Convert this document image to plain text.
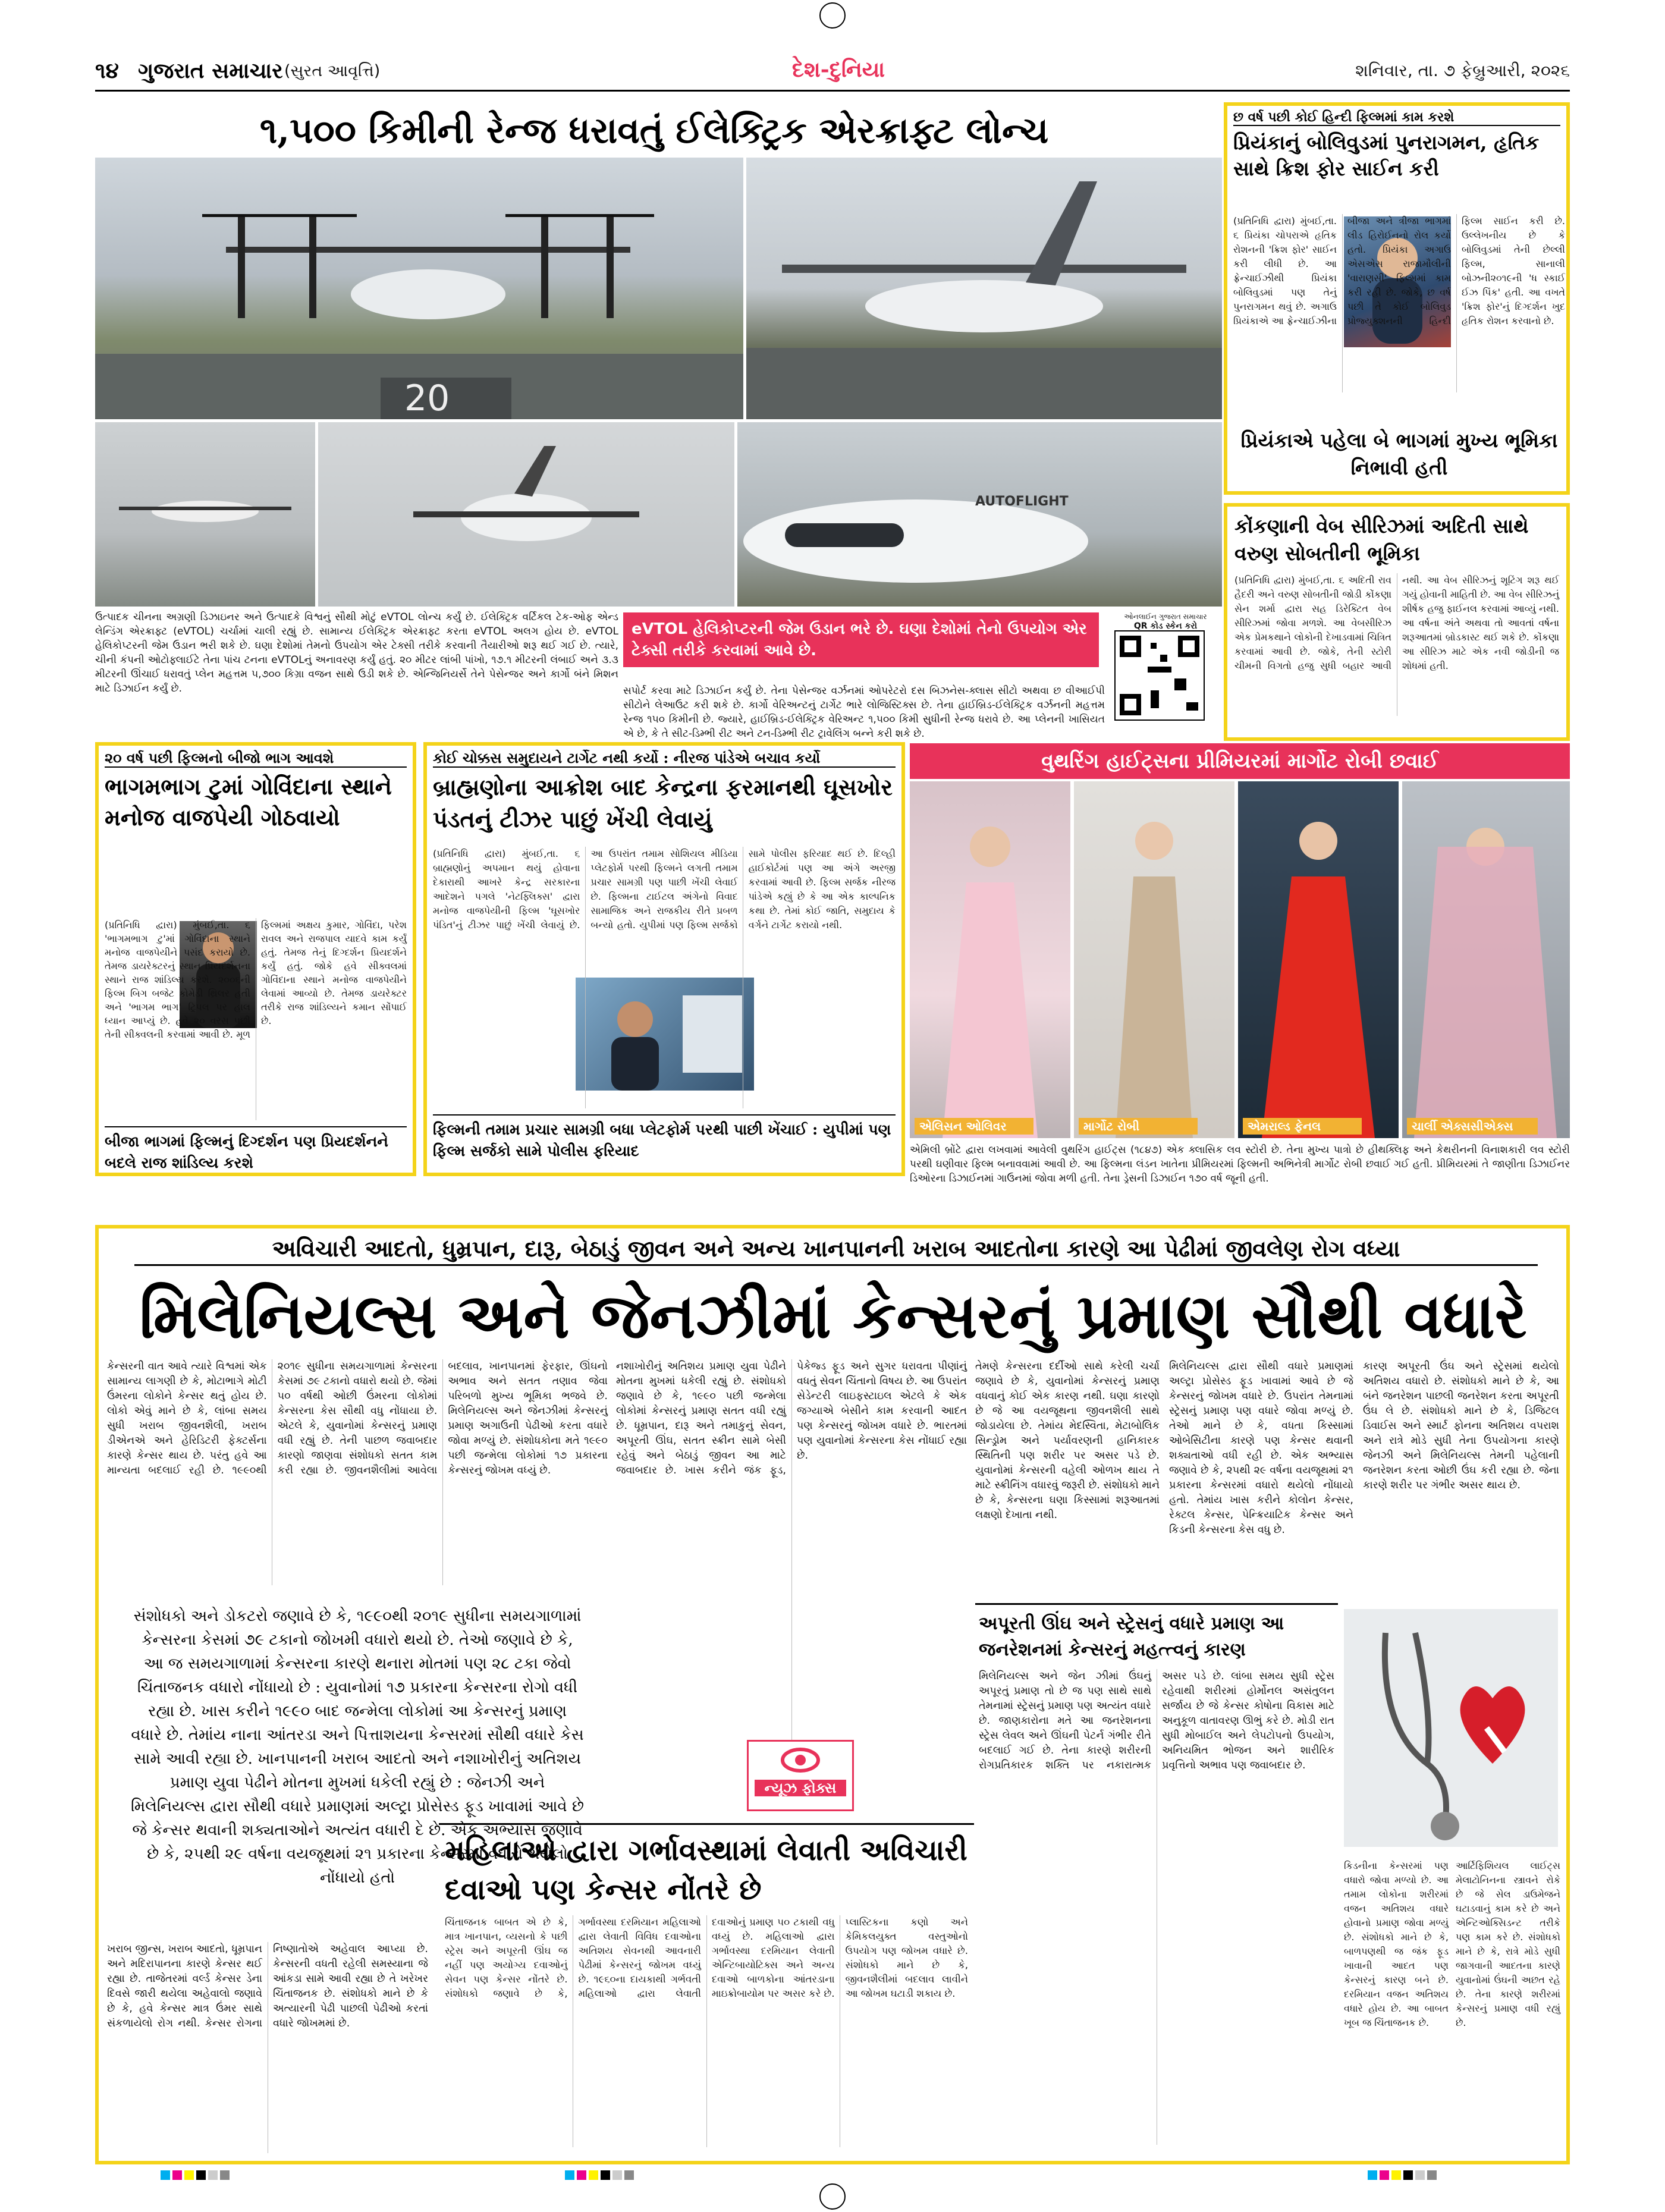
૧૪ ગુજરાત સમાચાર (સુરત આવૃત્તિ)	દેશ-દુનિયા	શનિવાર, તા. ૭ ફેબ્રુઆરી, ૨૦૨૬
૧,૫૦૦ કિમીની રેન્જ ધરાવતું ઈલેક્ટ્રિક એરક્રાફ્ટ લોન્ચ
20
AUTOFLIGHT
ઉત્પાદક ચીનના અગ્રણી ડિઝાઇનર અને ઉત્પાદકે વિશ્વનું સૌથી મોટું eVTOL લોન્ચ કર્યું છે. ઈલેક્ટ્રિક વર્ટિકલ ટેક-ઓફ એન્ડ લેન્ડિંગ એરક્રાફ્ટ (eVTOL) ચર્ચામાં ચાલી રહ્યું છે. સામાન્ય ઈલેક્ટ્રિક એરક્રાફ્ટ કરતા eVTOL અલગ હોય છે. eVTOL હેલિકોપ્ટરની જેમ ઉડાન ભરી શકે છે. ઘણા દેશોમાં તેમનો ઉપયોગ એર ટેક્સી તરીકે કરવાની તૈયારીઓ શરૂ થઈ ગઈ છે. ત્યારે, ચીની કંપની ઓટોફ્લાઈટે તેના પાંચ ટનના eVTOLનું અનાવરણ કર્યું હતું. ૨૦ મીટર લાંબી પાંખો, ૧૭.૧ મીટરની લંબાઈ અને ૩.૩ મીટરની ઊંચાઈ ધરાવતું પ્લેન મહત્તમ ૫,૭૦૦ કિગ્રા વજન સાથે ઉડી શકે છે. એન્જિનિયર્સે તેને પેસેન્જર અને કાર્ગો બંને મિશન માટે ડિઝાઈન કર્યું છે.
eVTOL હેલિકોપ્ટરની જેમ ઉડાન ભરે છે. ઘણા દેશોમાં તેનો ઉપયોગ એર ટેક્સી તરીકે કરવામાં આવે છે.
સપોર્ટ કરવા માટે ડિઝાઈન કર્યું છે. તેના પેસેન્જર વર્ઝનમાં ઓપરેટરો દસ બિઝનેસ-ક્લાસ સીટો અથવા છ વીઆઈપી સીટોને લેઆઉટ કરી શકે છે. કાર્ગો વેરિઅન્ટનું ટાર્ગેટ ભારે લોજિસ્ટિક્સ છે. તેના હાઈબ્રિડ-ઈલેક્ટ્રિક વર્ઝનની મહત્તમ રેન્જ ૧૫૦ કિમીની છે. જ્યારે, હાઈબ્રિડ-ઈલેક્ટ્રિક વેરિઅન્ટ ૧,૫૦૦ કિમી સુધીની રેન્જ ધરાવે છે. આ પ્લેનની ખાસિયત એ છે, કે તે સીટ-ડિમ્ભી રીટ અને ટન-ડિમ્ભી રીટ ટ્રાવેલિંગ બન્ને કરી શકે છે.
ઓનલાઈન ગુજરાત સમાચાર
QR કોડ સ્કેન કરો
છ વર્ષ પછી કોઈ હિન્દી ફિલ્મમાં કામ કરશે
પ્રિયંકાનું બોલિવુડમાં પુનરાગમન, હૃતિક સાથે ક્રિશ ફોર સાઈન કરી
(પ્રતિનિધિ દ્વારા) મુંબઈ,તા. ૬ પ્રિયંકા ચોપરાએ હૃતિક રોશનની 'ક્રિશ ફોર' સાઈન કરી લીધી છે. આ ફ્રેન્ચાઈઝીથી પ્રિયંકા બોલિવુડમાં પણ તેનું પુનરાગમન થવું છે. અગાઉ પ્રિયંકાએ આ ફ્રેન્ચાઈઝીના બીજા અને ત્રીજા ભાગમાં લીડ હિરોઈનનો રોલ કર્યો હતો. પ્રિયંકા અગાઉ એસએસ રાજામૌલીની 'વારાણસી' ફિલ્મમાં કામ કરી રહી છે. જોકે, છ વર્ષ પછી તે કોઈ બોલિવુડ પ્રોજ્યુક્શનની હિન્દી ફિલ્મ સાઈન કરી છે. ઉલ્લેખનીય છે કે બોલિવુડમાં તેની છેલ્લી ફિલ્મ, સાનાલી બોઝની૨૦૧૯ની 'ધ સ્કાઈ ઈઝ પિંક' હતી. આ વખતે 'ક્રિશ ફોર'નું દિગ્દર્શન ખુદ હૃતિક રોશન કરવાનો છે.
પ્રિયંકાએ પહેલા બે ભાગમાં મુખ્ય ભૂમિકા નિભાવી હતી
કોંકણાની વેબ સીરિઝમાં અદિતી સાથે વરુણ સોબતીની ભૂમિકા
(પ્રતિનિધિ દ્વારા) મુંબઈ,તા. ૬ અદિતી રાવ હૈદરી અને વરુણ સોબતીની જોડી કોંકણા સેન શર્મા દ્વારા સહ ડિરેક્ટિત વેબ સીરિઝમાં જોવા મળશે. આ વેબસીરિઝ એક પ્રેમકથાને લોકોની દેખાડવામાં ચિત્રિત કરવામાં આવી છે. જોકે, તેની સ્ટોરી ચીમની વિગતો હજુ સુધી બહાર આવી નથી. આ વેબ સીરિઝનું શૂટિંગ શરૂ થઈ ગયું હોવાની માહિતી છે. આ વેબ સીરિઝનું શીર્ષક હજુ ફાઈનલ કરવામાં આવ્યું નથી. આ વર્ષના અંતે અથવા તો આવતાં વર્ષના શરૂઆતમાં બ્રોડકાસ્ટ થઈ શકે છે. કોંકણા આ સીરિઝ માટે એક નવી જોડીની જ શોધમાં હતી.
૨૦ વર્ષ પછી ફિલ્મનો બીજો ભાગ આવશે
ભાગમભાગ ટુમાં ગોવિંદાના સ્થાને મનોજ વાજપેયી ગોઠવાયો
(પ્રતિનિધિ દ્વારા) મુંબઈ,તા. ૬ 'ભાગમભાગ ટુ'માં ગોવિંદાના સ્થાને મનોજ વાજપેયીને પસંદ કરાયો છે. તેમજ ડાયરેક્ટરનું સ્થાન પ્રિયદર્શનના સ્થાને રાજ શાંડિલ્ય કરશે. ૨૦૦૬ની ફિલ્મ બિગ બજેટ કોમેડી થ્રિલર હતી અને 'ભાગમ ભાગ' ટ્રિપલ પર હાલ ધ્યાન આપ્યું છે. હવે ૨૦ વરસ પછી તેની સીક્વલની કરવામાં આવી છે. મૂળ ફિલ્મમાં અક્ષય કુમાર, ગોવિંદા, પરેશ રાવલ અને રાજપાલ યાદવે કામ કર્યું હતું. તેમજ તેનું દિગ્દર્શન પ્રિયદર્શને કર્યું હતું. જોકે હવે સીક્વલમાં ગોવિંદાના સ્થાને મનોજ વાજપેયીને લેવામાં આવ્યો છે. તેમજ ડાયરેક્ટર તરીકે રાજ શાંડિલ્યને કમાન સોંપાઈ છે.
બીજા ભાગમાં ફિલ્મનું દિગ્દર્શન પણ પ્રિયદર્શનને બદલે રાજ શાંડિલ્ય કરશે
કોઈ ચોક્કસ સમુદાયને ટાર્ગેટ નથી કર્યો : નીરજ પાંડેએ બચાવ કર્યો
બ્રાહ્મણોના આક્રોશ બાદ કેન્દ્રના ફરમાનથી ઘૂસખોર પંડતનું ટીઝર પાછું ખેંચી લેવાયું
(પ્રતિનિધિ દ્વારા) મુંબઈ,તા. ૬ બ્રાહ્મણોનું અપમાન થયું હોવાના દેકારાથી આખરે કેન્દ્ર સરકારના આદેશને પગલે 'નેટફ્લિક્સ' દ્વારા મનોજ વાજપેયીની ફિલ્મ 'ઘૂસખોર પંડિત'નું ટીઝર પાછું ખેંચી લેવાયું છે. આ ઉપરાંત તમામ સોશિયલ મીડિયા પ્લેટફોર્મ પરથી ફિલ્મને લગતી તમામ પ્રચાર સામગ્રી પણ પાછી ખેંચી લેવાઈ છે. ફિલ્મના ટાઈટલ અંગેનો વિવાદ સામાજિક અને રાજકીય રીતે પ્રબળ બન્યો હતો. યુપીમાં પણ ફિલ્મ સર્જકો સામે પોલીસ ફરિયાદ થઈ છે. દિલ્હી હાઈકોર્ટમાં પણ આ અંગે અરજી કરવામાં આવી છે. ફિલ્મ સર્જક નીરજ પાંડેએ કહ્યું છે કે આ એક કાલ્પનિક કથા છે. તેમાં કોઈ જાતિ, સમુદાય કે વર્ગને ટાર્ગેટ કરાયો નથી.
ફિલ્મની તમામ પ્રચાર સામગ્રી બધા પ્લેટફોર્મ પરથી પાછી ખેંચાઈ : યુપીમાં પણ ફિલ્મ સર્જકો સામે પોલીસ ફરિયાદ
વુથરિંગ હાઈટ્સના પ્રીમિયરમાં માર્ગોટ રોબી છવાઈ
એલિસન ઓલિવર	માર્ગોટ રોબી	એમરાલ્ડ ફેનલ	ચાર્લી એક્સસીએક્સ
એમિલી બ્રોંટે દ્વારા લખવામાં આવેલી વુથરિંગ હાઈટ્સ (૧૮૪૭) એક ક્લાસિક લવ સ્ટોરી છે. તેના મુખ્ય પાત્રો છે હીથક્લિફ અને કેથરીનની વિનાશકારી લવ સ્ટોરી પરથી ઘણીવાર ફિલ્મ બનાવવામાં આવી છે. આ ફિલ્મના લંડન ખાતેના પ્રીમિયરમાં ફિલ્મની અભિનેત્રી માર્ગોટ રોબી છવાઈ ગઈ હતી. પ્રીમિયરમાં તે જાણીતા ડિઝાઈનર ડિઓરના ડિઝાઈનમાં ગાઉનમાં જોવા મળી હતી. તેના ડ્રેસની ડિઝાઈન ૧૭૦ વર્ષ જૂની હતી.
અવિચારી આદતો, ધુમ્રપાન, દારૂ, બેઠાડું જીવન અને અન્ય ખાનપાનની ખરાબ આદતોના કારણે આ પેઢીમાં જીવલેણ રોગ વધ્યા
મિલેનિયલ્સ અને જેનઝીમાં કેન્સરનું પ્રમાણ સૌથી વધારે
કેન્સરની વાત આવે ત્યારે વિશ્વમાં એક સામાન્ય લાગણી છે કે, મોટાભાગે મોટી ઉંમરના લોકોને કેન્સર થતું હોય છે. લોકો એવું માને છે કે, લાંબા સમય સુધી ખરાબ જીવનશૈલી, ખરાબ ડીએનએ અને હેરિડિટરી ફેક્ટર્સના કારણે કેન્સર થાય છે. પરંતુ હવે આ માન્યતા બદલાઈ રહી છે. ૧૯૯૦થી ૨૦૧૯ સુધીના સમયગાળામાં કેન્સરના કેસમાં ૭૯ ટકાનો વધારો થયો છે. જેમાં ૫૦ વર્ષથી ઓછી ઉંમરના લોકોમાં કેન્સરના કેસ સૌથી વધુ નોંધાયા છે. એટલે કે, યુવાનોમાં કેન્સરનું પ્રમાણ વધી રહ્યું છે. તેની પાછળ જવાબદાર કારણો જાણવા સંશોધકો સતત કામ કરી રહ્યા છે. જીવનશૈલીમાં આવેલા બદલાવ, ખાનપાનમાં ફેરફાર, ઊંઘનો અભાવ અને સતત તણાવ જેવા પરિબળો મુખ્ય ભૂમિકા ભજવે છે. મિલેનિયલ્સ અને જેનઝીમાં કેન્સરનું પ્રમાણ અગાઉની પેઢીઓ કરતા વધારે જોવા મળ્યું છે. સંશોધકોના મતે ૧૯૯૦ પછી જન્મેલા લોકોમાં ૧૭ પ્રકારના કેન્સરનું જોખમ વધ્યું છે.
સંશોધકો અને ડોકટરો જણાવે છે કે, ૧૯૯૦થી ૨૦૧૯ સુધીના સમયગાળામાં કેન્સરના કેસમાં ૭૯ ટકાનો જોખમી વધારો થયો છે. તેઓ જણાવે છે કે, આ જ સમયગાળામાં કેન્સરના કારણે થનારા મોતમાં પણ ૨૮ ટકા જેવો ચિંતાજનક વધારો નોંધાયો છે : યુવાનોમાં ૧૭ પ્રકારના કેન્સરના રોગો વધી રહ્યા છે. ખાસ કરીને ૧૯૯૦ બાદ જન્મેલા લોકોમાં આ કેન્સરનું પ્રમાણ વધારે છે. તેમાંય નાના આંતરડા અને પિત્તાશયના કેન્સરમાં સૌથી વધારે કેસ સામે આવી રહ્યા છે. ખાનપાનની ખરાબ આદતો અને નશાખોરીનું અતિશય પ્રમાણ યુવા પેઢીને મોતના મુખમાં ધકેલી રહ્યું છે : જેનઝી અને મિલેનિયલ્સ દ્વારા સૌથી વધારે પ્રમાણમાં અલ્ટ્રા પ્રોસેસ્ડ ફૂડ ખાવામાં આવે છે જે કેન્સર થવાની શક્યતાઓને અત્યંત વધારી દે છે. એક અભ્યાસ જણાવે છે કે, ૨૫થી ૨૯ વર્ષના વયજૂથમાં ૨૧ પ્રકારના કેન્સરમાં વધારો થયેલો નોંધાયો હતો
ખરાબ જીન્સ, ખરાબ આદતો, ધૂમ્રપાન અને મદિરાપાનના કારણે કેન્સર થઈ રહ્યા છે. તાજેતરમાં વર્લ્ડ કેન્સર ડેના દિવસે જારી થયેલા અહેવાલો જણાવે છે કે, હવે કેન્સર માત્ર ઉંમર સાથે સંકળાયેલો રોગ નથી. કેન્સર રોગના નિષ્ણાતોએ અહેવાલ આપ્યા છે. કેન્સરની વધતી રહેલી સમસ્યાના જે આંકડા સામે આવી રહ્યા છે તે ખરેખર ચિંતાજનક છે. સંશોધકો માને છે કે અત્યારની પેઢી પાછલી પેઢીઓ કરતાં વધારે જોખમમાં છે.
નશાખોરીનું અતિશય પ્રમાણ યુવા પેઢીને મોતના મુખમાં ધકેલી રહ્યું છે. સંશોધકો જણાવે છે કે, ૧૯૯૦ પછી જન્મેલા લોકોમાં કેન્સરનું પ્રમાણ સતત વધી રહ્યું છે. ધૂમ્રપાન, દારૂ અને તમાકુનું સેવન, અપૂરતી ઊંઘ, સતત સ્ક્રીન સામે બેસી રહેવું અને બેઠાડું જીવન આ માટે જવાબદાર છે. ખાસ કરીને જંક ફૂડ, પેકેજ્ડ ફૂડ અને સુગર ધરાવતા પીણાંનું વધતું સેવન ચિંતાનો વિષય છે. આ ઉપરાંત સેડેન્ટરી લાઇફસ્ટાઇલ એટલે કે એક જગ્યાએ બેસીને કામ કરવાની આદત પણ કેન્સરનું જોખમ વધારે છે. ભારતમાં પણ યુવાનોમાં કેન્સરના કેસ નોંધાઈ રહ્યા છે.
ન્યૂઝ ફોક્સ
મહિલાઓ દ્વારા ગર્ભાવસ્થામાં લેવાતી અવિચારી દવાઓ પણ કેન્સર નોંતરે છે
ચિંતાજનક બાબત એ છે કે, માત્ર ખાનપાન, વ્યસનો કે પછી સ્ટ્રેસ અને અપૂરતી ઊંઘ જ નહીં પણ અયોગ્ય દવાઓનું સેવન પણ કેન્સર નોંતરે છે. સંશોધકો જણાવે છે કે, ગર્ભાવસ્થા દરમિયાન મહિલાઓ દ્વારા લેવાતી વિવિધ દવાઓના અતિશય સેવનથી આવનારી પેઢીમાં કેન્સરનું જોખમ વધ્યું છે. ૧૯૬૦ના દાયકાથી ગર્ભવતી મહિલાઓ દ્વારા લેવાતી દવાઓનું પ્રમાણ ૫૦ ટકાથી વધુ વધ્યું છે. મહિલાઓ દ્વારા ગર્ભાવસ્થા દરમિયાન લેવાતી એન્ટિબાયોટિક્સ અને અન્ય દવાઓ બાળકોના આંતરડાના માઇક્રોબાયોમ પર અસર કરે છે. પ્લાસ્ટિકના કણો અને કેમિકલયુક્ત વસ્તુઓનો ઉપયોગ પણ જોખમ વધારે છે. સંશોધકો માને છે કે, જીવનશૈલીમાં બદલાવ લાવીને આ જોખમ ઘટાડી શકાય છે.
તેમણે કેન્સરના દર્દીઓ સાથે કરેલી ચર્ચા જણાવે છે કે, યુવાનોમાં કેન્સરનું પ્રમાણ વધવાનું કોઈ એક કારણ નથી. ઘણા કારણો છે જે આ વયજૂથના જીવનશૈલી સાથે જોડાયેલા છે. તેમાંય મેદસ્વિતા, મેટાબોલિક સિન્ડ્રોમ અને પર્યાવરણની હાનિકારક સ્થિતિની પણ શરીર પર અસર પડે છે. યુવાનોમાં કેન્સરની વહેલી ઓળખ થાય તે માટે સ્ક્રીનિંગ વધારવું જરૂરી છે. સંશોધકો માને છે કે, કેન્સરના ઘણા કિસ્સામાં શરૂઆતમાં લક્ષણો દેખાતા નથી.
મિલેનિયલ્સ દ્વારા સૌથી વધારે પ્રમાણમાં અલ્ટ્રા પ્રોસેસ્ડ ફૂડ ખાવામાં આવે છે જે કેન્સરનું જોખમ વધારે છે. ઉપરાંત તેમનામાં સ્ટ્રેસનું પ્રમાણ પણ વધારે જોવા મળ્યું છે. તેઓ માને છે કે, વધતા કિસ્સામાં ઓબેસિટીના કારણે પણ કેન્સર થવાની શક્યતાઓ વધી રહી છે. એક અભ્યાસ જણાવે છે કે, ૨૫થી ૨૯ વર્ષના વયજૂથમાં ૨૧ પ્રકારના કેન્સરમાં વધારો થયેલો નોંધાયો હતો. તેમાંય ખાસ કરીને કોલોન કેન્સર, રેક્ટલ કેન્સર, પેન્ક્રિયાટિક કેન્સર અને કિડની કેન્સરના કેસ વધુ છે.
કારણ અપૂરતી ઉંઘ અને સ્ટ્રેસમાં થયેલો અતિશય વધારો છે. સંશોધકો માને છે કે, આ બંને જનરેશન પાછલી જનરેશન કરતા અપૂરતી ઉંઘ લે છે. સંશોધકો માને છે કે, ડિજિટલ ડિવાઈસ અને સ્માર્ટ ફોનના અતિશય વપરાશ અને રાત્રે મોડે સુધી તેના ઉપયોગના કારણે જેનઝી અને મિલેનિયલ્સ તેમની પહેલાની જનરેશન કરતા ઓછી ઉંઘ કરી રહ્યા છે. જેના કારણે શરીર પર ગંભીર અસર થાય છે.
અપૂરતી ઊંઘ અને સ્ટ્રેસનું વધારે પ્રમાણ આ જનરેશનમાં કેન્સરનું મહત્ત્વનું કારણ
મિલેનિયલ્સ અને જેન ઝીમાં ઉંઘનું અપૂરતું પ્રમાણ તો છે જ પણ સાથે સાથે તેમનામાં સ્ટ્રેસનું પ્રમાણ પણ અત્યંત વધારે છે. જાણકારોના મતે આ જનરેશનના સ્ટ્રેસ લેવલ અને ઊંઘની પેટર્ન ગંભીર રીતે બદલાઈ ગઈ છે. તેના કારણે શરીરની રોગપ્રતિકારક શક્તિ પર નકારાત્મક અસર પડે છે. લાંબા સમય સુધી સ્ટ્રેસ રહેવાથી શરીરમાં હોર્મોનલ અસંતુલન સર્જાય છે જે કેન્સર કોષોના વિકાસ માટે અનુકૂળ વાતાવરણ ઊભું કરે છે. મોડી રાત સુધી મોબાઈલ અને લેપટોપનો ઉપયોગ, અનિયમિત ભોજન અને શારીરિક પ્રવૃત્તિનો અભાવ પણ જવાબદાર છે.
કિડનીના કેન્સરમાં પણ વધારો જોવા મળ્યો છે. આ તમામ લોકોના શરીરમાં વજન અતિશય વધારે હોવાનો પ્રમાણ જોવા મળ્યું છે. સંશોધકો માને છે કે, બાળપણથી જ જંક ફૂડ ખાવાની આદત પણ કેન્સરનું કારણ બને છે. દરમિયાન વજન અતિશય વધારે હોય છે. આ બાબત ખૂબ જ ચિંતાજનક છે.
આર્ટિફિશિયલ લાઈટ્સ મેલાટોનિનના સ્ત્રાવને રોકે છે જે સેલ ડાઉમેજને ઘટાડવાનું કામ કરે છે અને એન્ટિઓક્સિડન્ટ તરીકે પણ કામ કરે છે. સંશોધકો માને છે કે, રાત્રે મોડે સુધી જાગવાની આદતના કારણે યુવાનોમાં ઉંઘની અછત રહે છે. તેના કારણે શરીરમાં કેન્સરનું પ્રમાણ વધી રહ્યું છે.
